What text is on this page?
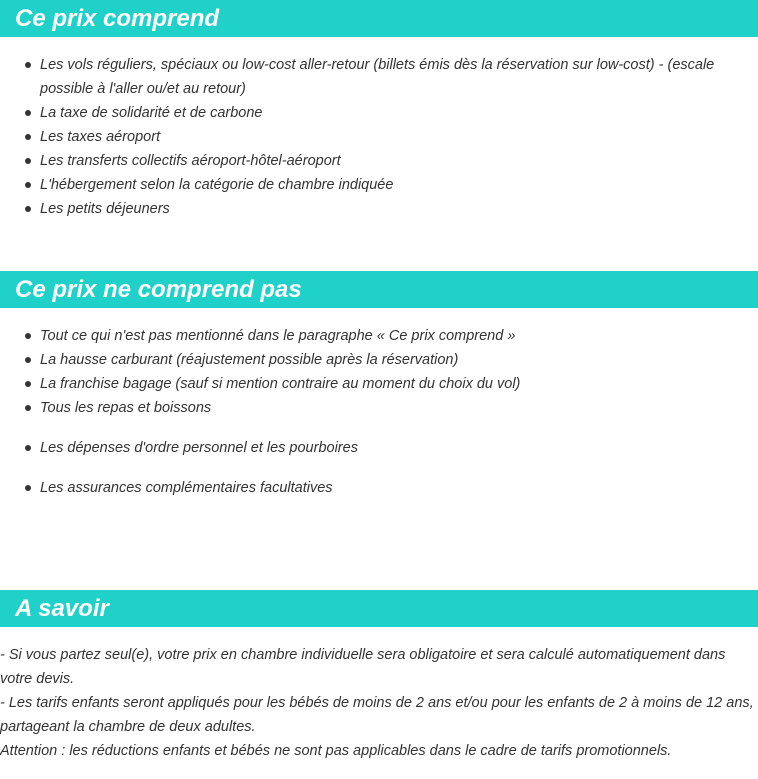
Ce prix comprend
Les vols réguliers, spéciaux ou low-cost aller-retour (billets émis dès la réservation sur low-cost) - (escale possible à l'aller ou/et au retour)
La taxe de solidarité et de carbone
Les taxes aéroport
Les transferts collectifs aéroport-hôtel-aéroport
L'hébergement selon la catégorie de chambre indiquée
Les petits déjeuners
Ce prix ne comprend pas
Tout ce qui n'est pas mentionné dans le paragraphe « Ce prix comprend »
La hausse carburant (réajustement possible après la réservation)
La franchise bagage (sauf si mention contraire au moment du choix du vol)
Tous les repas et boissons
Les dépenses d'ordre personnel et les pourboires
Les assurances complémentaires facultatives
A savoir
- Si vous partez seul(e), votre prix en chambre individuelle sera obligatoire et sera calculé automatiquement dans votre devis.
- Les tarifs enfants seront appliqués pour les bébés de moins de 2 ans et/ou pour les enfants de 2 à moins de 12 ans, partageant la chambre de deux adultes.
Attention : les réductions enfants et bébés ne sont pas applicables dans le cadre de tarifs promotionnels.
